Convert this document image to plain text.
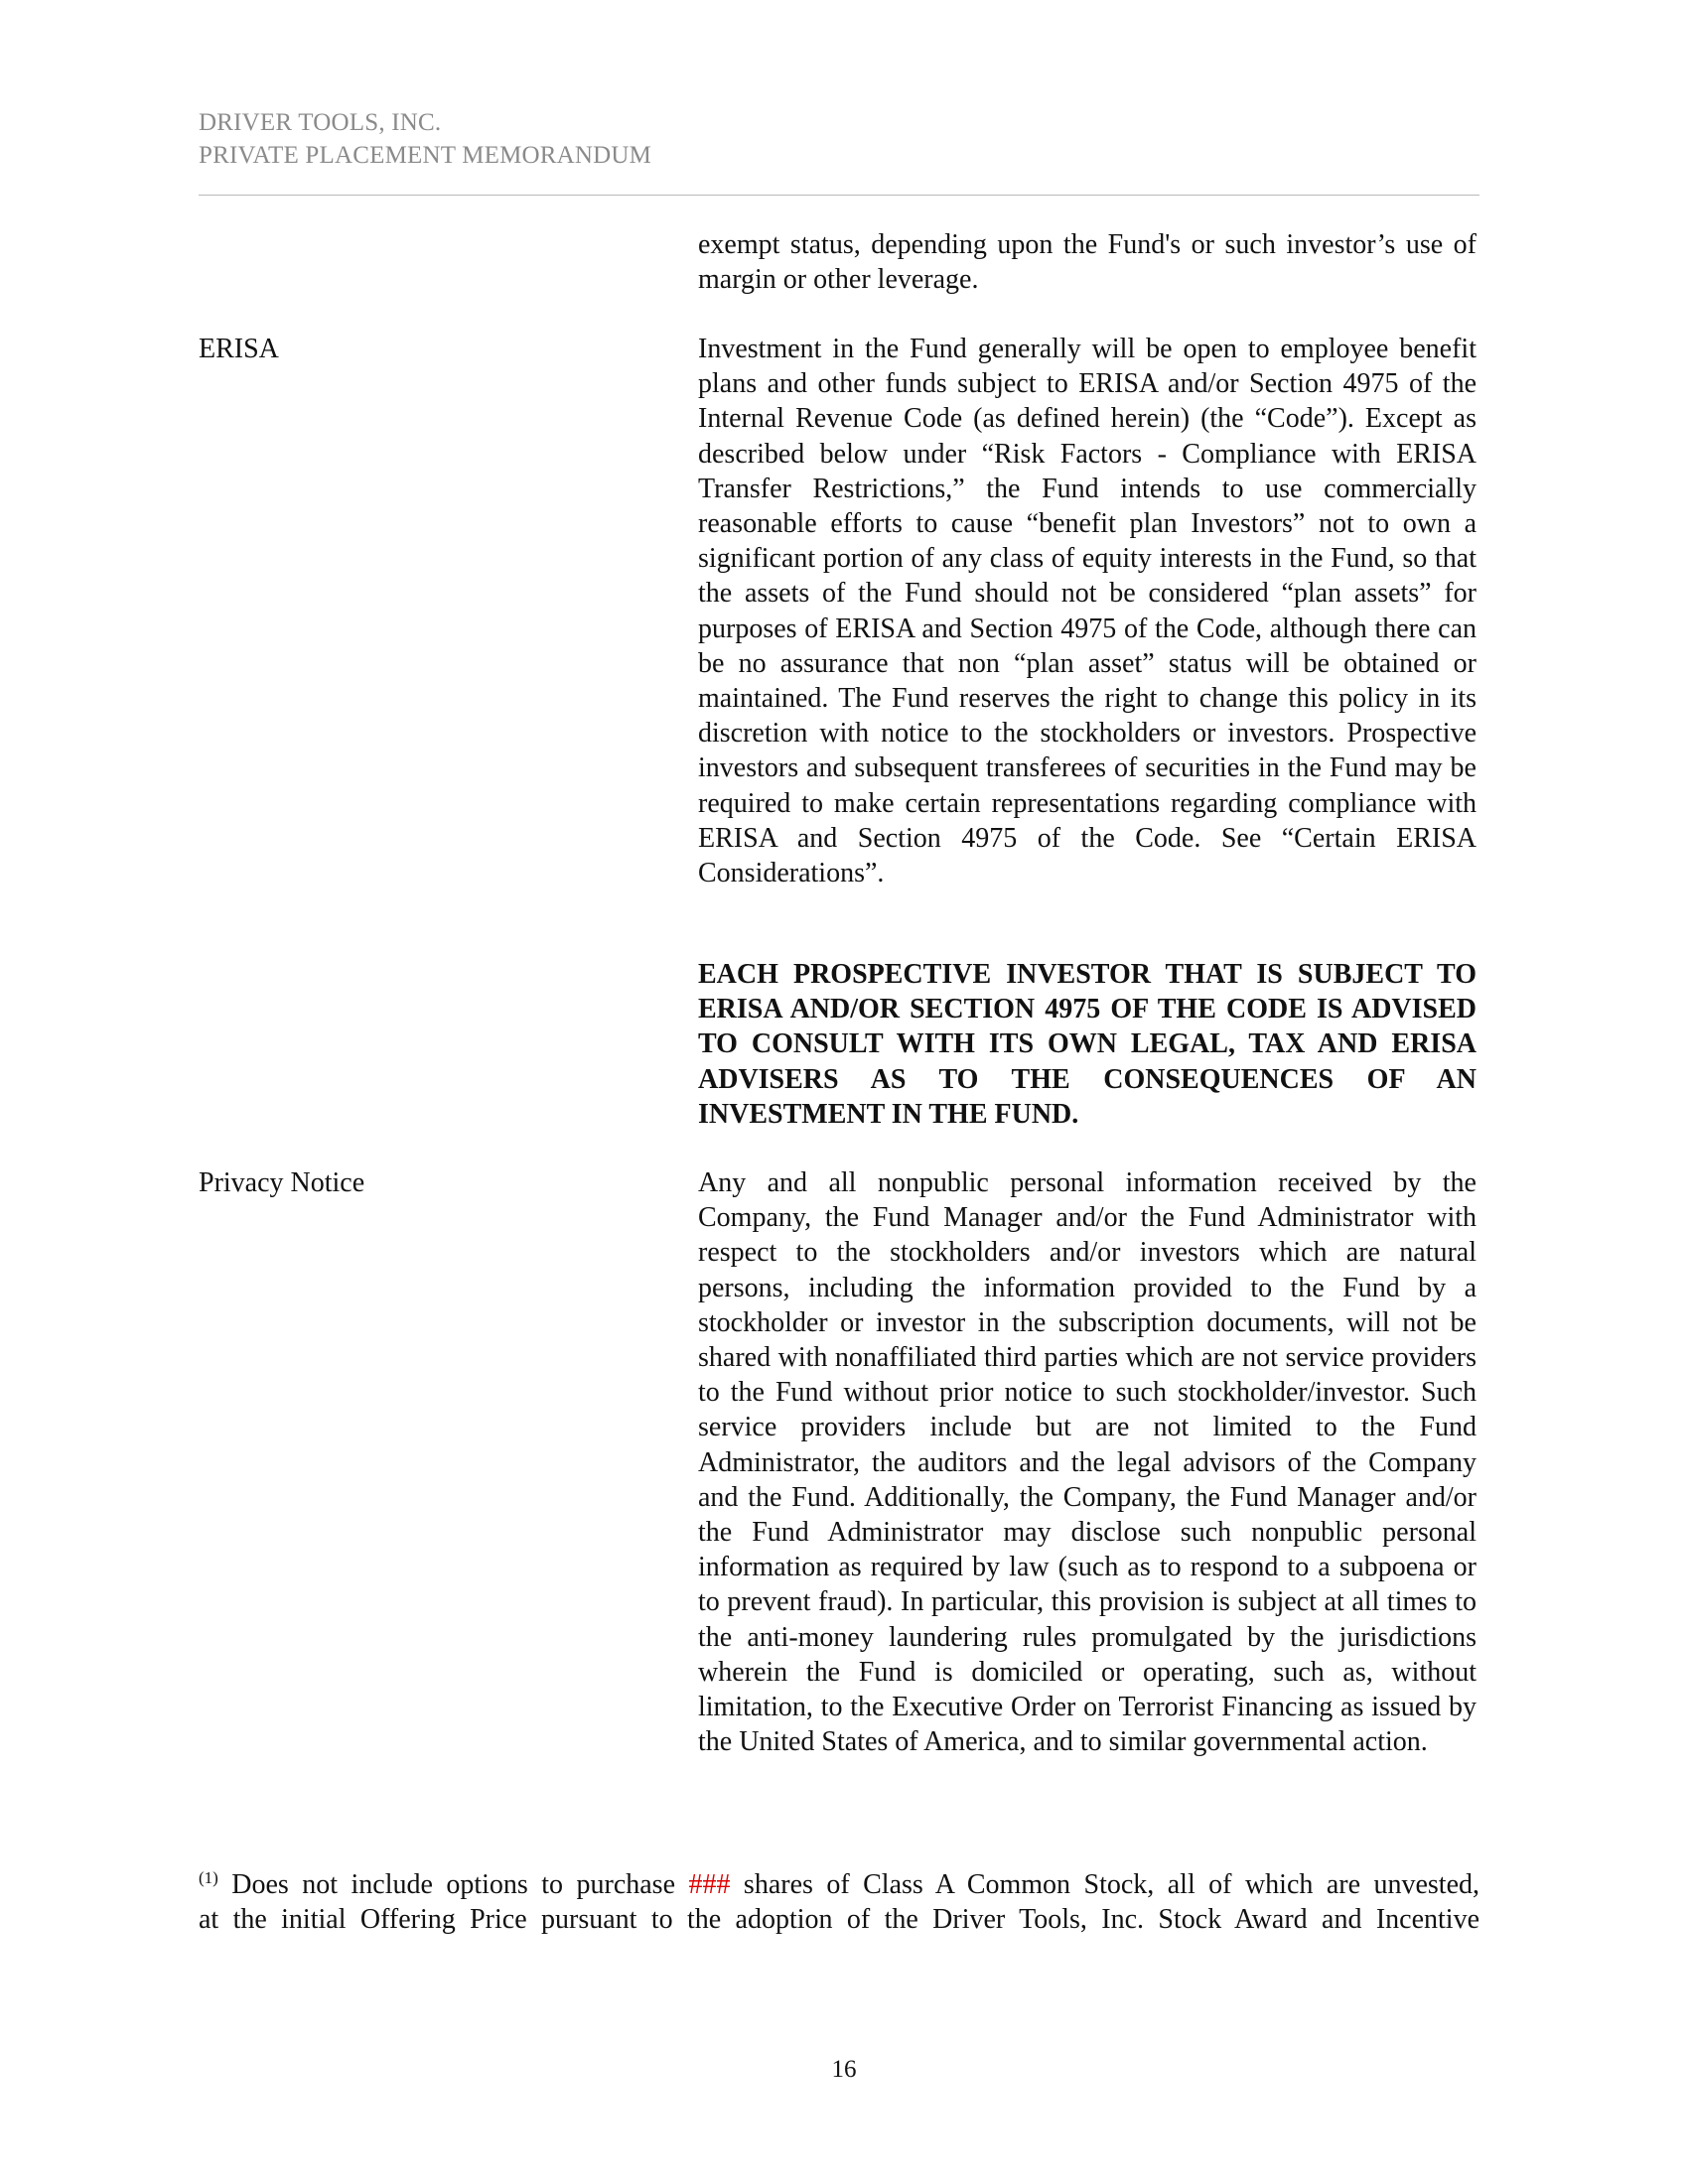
DRIVER TOOLS, INC.
PRIVATE PLACEMENT MEMORANDUM
exempt status, depending upon the Fund's or such investor’s use of margin or other leverage.
ERISA	Investment in the Fund generally will be open to employee benefit plans and other funds subject to ERISA and/or Section 4975 of the Internal Revenue Code (as defined herein) (the “Code”). Except as described below under “Risk Factors - Compliance with ERISA Transfer Restrictions,” the Fund intends to use commercially reasonable efforts to cause “benefit plan Investors” not to own a significant portion of any class of equity interests in the Fund, so that the assets of the Fund should not be considered “plan assets” for purposes of ERISA and Section 4975 of the Code, although there can be no assurance that non “plan asset” status will be obtained or maintained. The Fund reserves the right to change this policy in its discretion with notice to the stockholders or investors. Prospective investors and subsequent transferees of securities in the Fund may be required to make certain representations regarding compliance with ERISA and Section 4975 of the Code. See “Certain ERISA Considerations”.
EACH PROSPECTIVE INVESTOR THAT IS SUBJECT TO ERISA AND/OR SECTION 4975 OF THE CODE IS ADVISED TO CONSULT WITH ITS OWN LEGAL, TAX AND ERISA ADVISERS AS TO THE CONSEQUENCES OF AN INVESTMENT IN THE FUND.
Privacy Notice	Any and all nonpublic personal information received by the Company, the Fund Manager and/or the Fund Administrator with respect to the stockholders and/or investors which are natural persons, including the information provided to the Fund by a stockholder or investor in the subscription documents, will not be shared with nonaffiliated third parties which are not service providers to the Fund without prior notice to such stockholder/investor. Such service providers include but are not limited to the Fund Administrator, the auditors and the legal advisors of the Company and the Fund. Additionally, the Company, the Fund Manager and/or the Fund Administrator may disclose such nonpublic personal information as required by law (such as to respond to a subpoena or to prevent fraud). In particular, this provision is subject at all times to the anti-money laundering rules promulgated by the jurisdictions wherein the Fund is domiciled or operating, such as, without limitation, to the Executive Order on Terrorist Financing as issued by the United States of America, and to similar governmental action.
$^{(1)}$ Does not include options to purchase ### shares of Class A Common Stock, all of which are unvested,
at the initial Offering Price pursuant to the adoption of the Driver Tools, Inc. Stock Award and Incentive
16
